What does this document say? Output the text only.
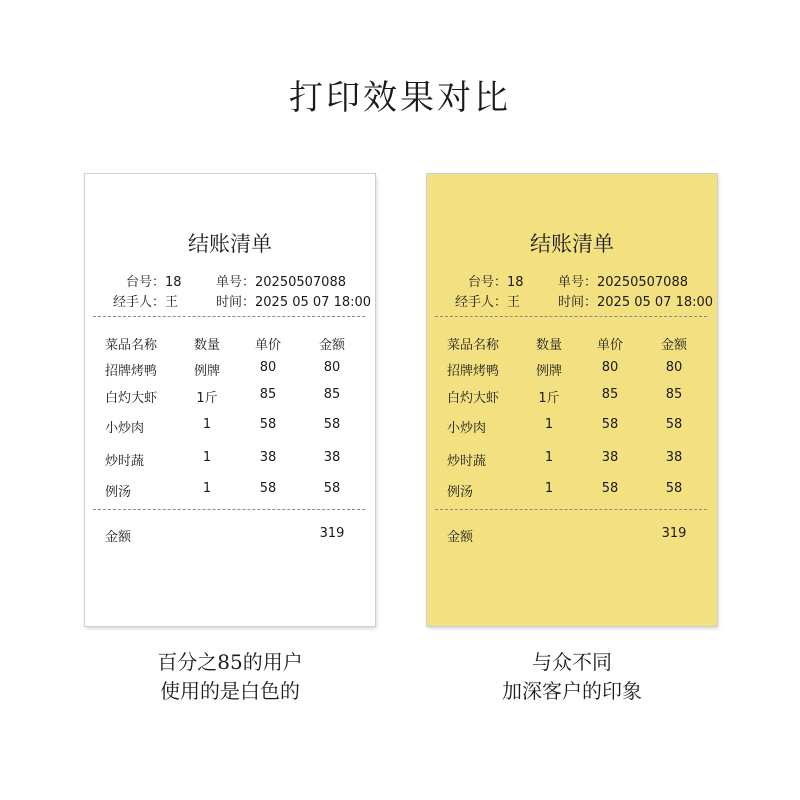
打印效果对比
结账清单
台号：18	单号：20250507088
经手人：王	时间：2025 05 07 18:00
菜品名称	数量	单价	金额
招牌烤鸭	例牌	80	80
白灼大虾	1斤	85	85
小炒肉	1	58	58
炒时蔬	1	38	38
例汤	1	58	58
金额	319
结账清单
台号：18	单号：20250507088
经手人：王	时间：2025 05 07 18:00
菜品名称	数量	单价	金额
招牌烤鸭	例牌	80	80
白灼大虾	1斤	85	85
小炒肉	1	58	58
炒时蔬	1	38	38
例汤	1	58	58
金额	319
百分之85的用户
使用的是白色的
与众不同
加深客户的印象
